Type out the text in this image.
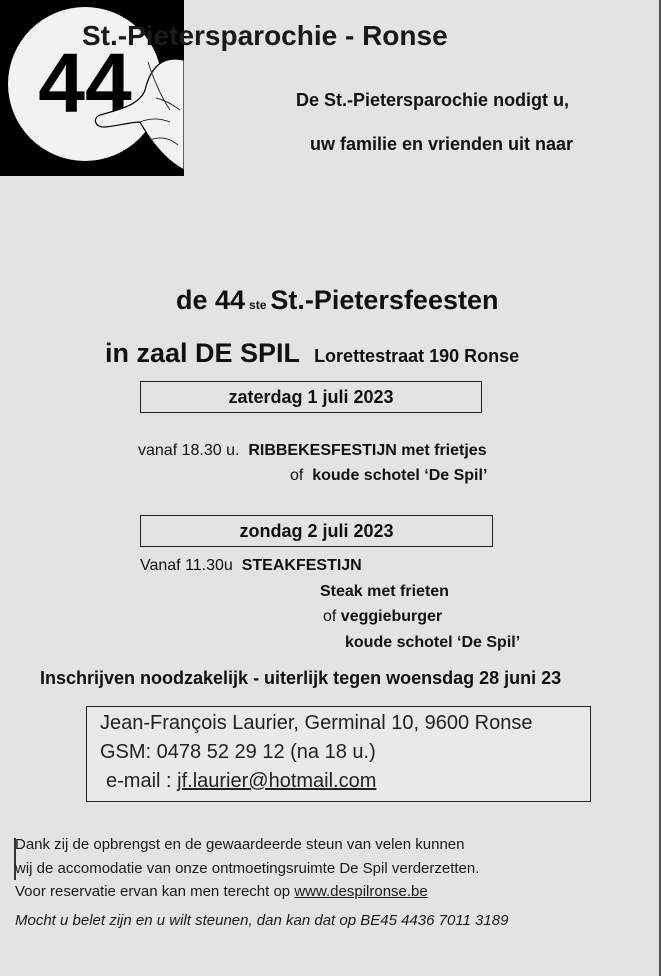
St.-Pietersparochie - Ronse
44	De St.-Pietersparochie nodigt u,
uw familie en vrienden uit naar
de 44 ste St.-Pietersfeesten
in zaal DE SPIL Lorettestraat 190 Ronse
zaterdag 1 juli 2023
vanaf 18.30 u. RIBBEKESFESTIJN met frietjes
of koude schotel ‘De Spil’
zondag 2 juli 2023
Vanaf 11.30u STEAKFESTIJN
Steak met frieten
of veggieburger
koude schotel ‘De Spil’
Inschrijven noodzakelijk - uiterlijk tegen woensdag 28 juni 23
Jean-François Laurier, Germinal 10, 9600 Ronse
GSM: 0478 52 29 12 (na 18 u.)
e-mail : jf.laurier@hotmail.com
Dank zij de opbrengst en de gewaardeerde steun van velen kunnen
wij de accomodatie van onze ontmoetingsruimte De Spil verderzetten.
Voor reservatie ervan kan men terecht op www.despilronse.be
Mocht u belet zijn en u wilt steunen, dan kan dat op BE45 4436 7011 3189
